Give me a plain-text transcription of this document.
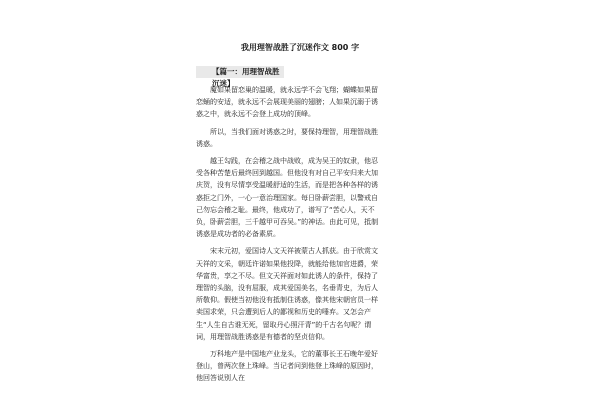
我用理智战胜了沉迷作文 800 字
【篇一：用理智战胜沉迷】

魔如果留恋巢的温暖，就永远学不会飞翔；蝴蝶如果留恋蛹的安适，就永远不会展现美丽的翅膀；人如果沉溺于诱惑之中，就永远不会登上成功的顶峰。

所以，当我们面对诱惑之时，要保持理智，用理智战胜诱惑。

越王勾践，在会稽之战中战败，成为吴王的奴隶，他忍受各种苦楚后最终回到越国。但他没有对自己平安归来大加庆贺，没有尽情享受温暖舒适的生活，而是把各种各样的诱惑拒之门外，一心一意治理国家。每日卧薪尝胆，以警戒自己勿忘会稽之耻。最终，他成功了，谱写了“苦心人，天不负，卧薪尝胆，三千越甲可吞吴。”的神话。由此可见，抵制诱惑是成功者的必备素质。

宋末元初，爱国诗人文天祥被蒙古人抓获。由于欣赏文天祥的文采，朝廷许诺如果他投降，就能给他加官进爵，荣华富贵，享之不尽。但文天祥面对如此诱人的条件，保持了理智的头脑，没有屈服，成其爱国美名，名垂青史，为后人所敬仰。假使当初他没有抵制住诱惑，像其他宋朝官员一样卖国求荣，只会遭到后人的鄙视和历史的唾弃。又怎会产生“人生自古谁无死，留取丹心照汗青”的千古名句呢？谓词，用理智战胜诱惑是有德者的坚贞信仰。

万科地产是中国地产业龙头，它的董事长王石晚年爱好登山，曾两次登上珠峰。当记者问到他登上珠峰的原因时，他回答说别人在
